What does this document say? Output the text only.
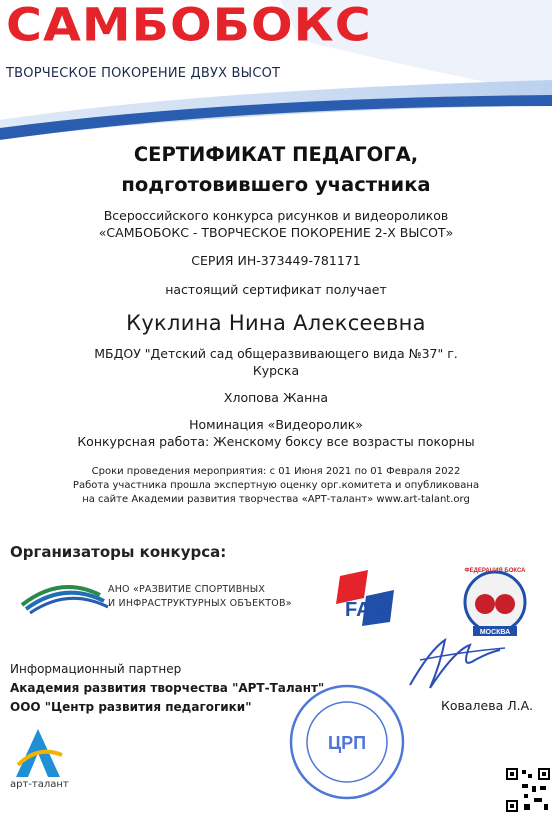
САМБОБОКС
ТВОРЧЕСКОЕ ПОКОРЕНИЕ ДВУХ ВЫСОТ
СЕРТИФИКАТ ПЕДАГОГА,
подготовившего участника
Всероссийского конкурса рисунков и видеороликов
«САМБОБОКС - ТВОРЧЕСКОЕ ПОКОРЕНИЕ 2-Х ВЫСОТ»
СЕРИЯ ИН-373449-781171
настоящий сертификат получает
Куклина Нина Алексеевна
МБДОУ "Детский сад общеразвивающего вида №37" г. Курска
Хлопова Жанна
Номинация «Видеоролик»
Конкурсная работа: Женскому боксу все возрасты покорны
Сроки проведения мероприятия: с 01 Июня 2021 по 01 Февраля 2022
Работа участника прошла экспертную оценку орг.комитета и опубликована
на сайте Академии развития творчества «АРТ-талант» www.art-talant.org
Организаторы конкурса:
АНО «РАЗВИТИЕ СПОРТИВНЫХ
И ИНФРАСТРУКТУРНЫХ ОБЪЕКТОВ»	FAS
МОСКВА
ФЕДЕРАЦИЯ БОКСА
Информационный партнер
Академия развития творчества "АРТ-Талант"
ООО "Центр развития педагогики"	Ковалева Л.А.
ЦРП
арт-талант
